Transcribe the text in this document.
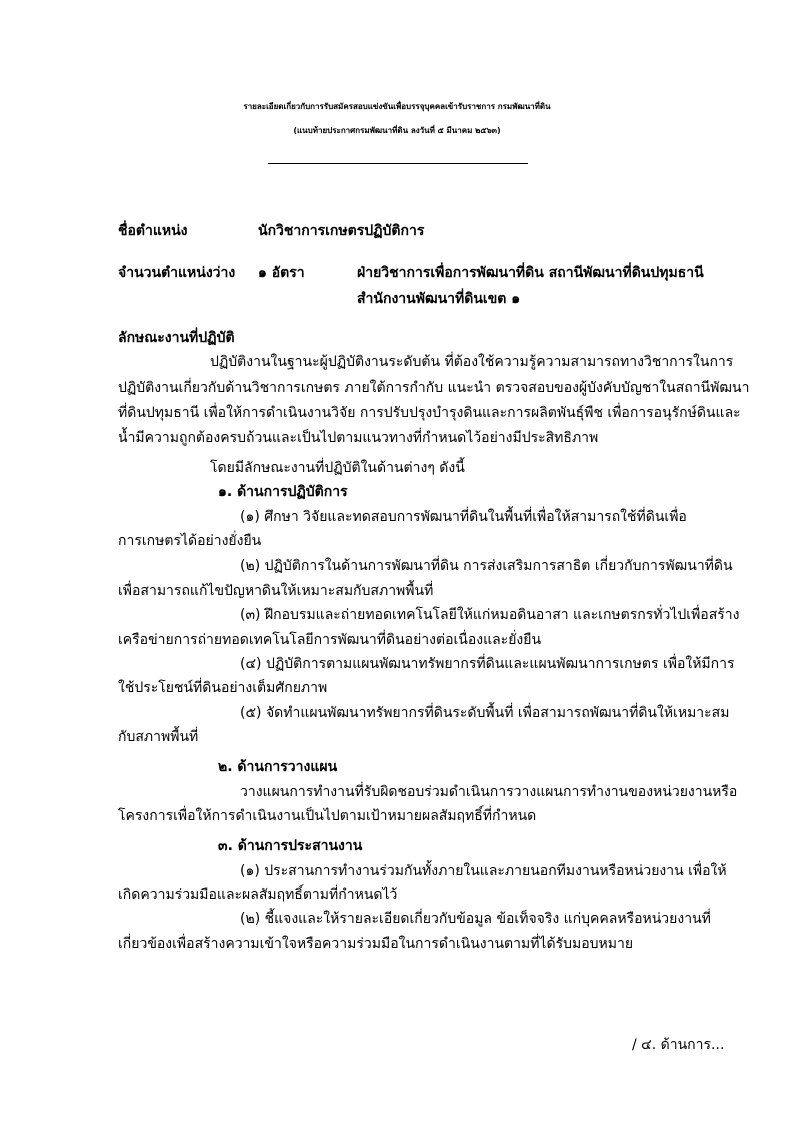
รายละเอียดเกี่ยวกับการรับสมัครสอบแข่งขันเพื่อบรรจุบุคคลเข้ารับราชการ กรมพัฒนาที่ดิน
(แนบท้ายประกาศกรมพัฒนาที่ดิน ลงวันที่ ๕ มีนาคม ๒๕๖๓)
ชื่อตำแหน่ง	นักวิชาการเกษตรปฏิบัติการ
จำนวนตำแหน่งว่าง ๑ อัตรา	ฝ่ายวิชาการเพื่อการพัฒนาที่ดิน สถานีพัฒนาที่ดินปทุมธานี
สำนักงานพัฒนาที่ดินเขต ๑
ลักษณะงานที่ปฏิบัติ
ปฏิบัติงานในฐานะผู้ปฏิบัติงานระดับต้น ที่ต้องใช้ความรู้ความสามารถทางวิชาการในการ
ปฏิบัติงานเกี่ยวกับด้านวิชาการเกษตร ภายใต้การกำกับ แนะนำ ตรวจสอบของผู้บังคับบัญชาในสถานีพัฒนา
ที่ดินปทุมธานี เพื่อให้การดำเนินงานวิจัย การปรับปรุงบำรุงดินและการผลิตพันธุ์พืช เพื่อการอนุรักษ์ดินและ
น้ำมีความถูกต้องครบถ้วนและเป็นไปตามแนวทางที่กำหนดไว้อย่างมีประสิทธิภาพ
โดยมีลักษณะงานที่ปฏิบัติในด้านต่างๆ ดังนี้
๑. ด้านการปฏิบัติการ
(๑) ศึกษา วิจัยและทดสอบการพัฒนาที่ดินในพื้นที่เพื่อให้สามารถใช้ที่ดินเพื่อ
การเกษตรได้อย่างยั่งยืน
(๒) ปฏิบัติการในด้านการพัฒนาที่ดิน การส่งเสริมการสาธิต เกี่ยวกับการพัฒนาที่ดิน
เพื่อสามารถแก้ไขปัญหาดินให้เหมาะสมกับสภาพพื้นที่
(๓) ฝึกอบรมและถ่ายทอดเทคโนโลยีให้แก่หมอดินอาสา และเกษตรกรทั่วไปเพื่อสร้าง
เครือข่ายการถ่ายทอดเทคโนโลยีการพัฒนาที่ดินอย่างต่อเนื่องและยั่งยืน
(๔) ปฏิบัติการตามแผนพัฒนาทรัพยากรที่ดินและแผนพัฒนาการเกษตร เพื่อให้มีการ
ใช้ประโยชน์ที่ดินอย่างเต็มศักยภาพ
(๕) จัดทำแผนพัฒนาทรัพยากรที่ดินระดับพื้นที่ เพื่อสามารถพัฒนาที่ดินให้เหมาะสม
กับสภาพพื้นที่
๒. ด้านการวางแผน
วางแผนการทำงานที่รับผิดชอบร่วมดำเนินการวางแผนการทำงานของหน่วยงานหรือ
โครงการเพื่อให้การดำเนินงานเป็นไปตามเป้าหมายผลสัมฤทธิ์ที่กำหนด
๓. ด้านการประสานงาน
(๑) ประสานการทำงานร่วมกันทั้งภายในและภายนอกทีมงานหรือหน่วยงาน เพื่อให้
เกิดความร่วมมือและผลสัมฤทธิ์ตามที่กำหนดไว้
(๒) ชี้แจงและให้รายละเอียดเกี่ยวกับข้อมูล ข้อเท็จจริง แก่บุคคลหรือหน่วยงานที่
เกี่ยวข้องเพื่อสร้างความเข้าใจหรือความร่วมมือในการดำเนินงานตามที่ได้รับมอบหมาย
/ ๔. ด้านการ...
